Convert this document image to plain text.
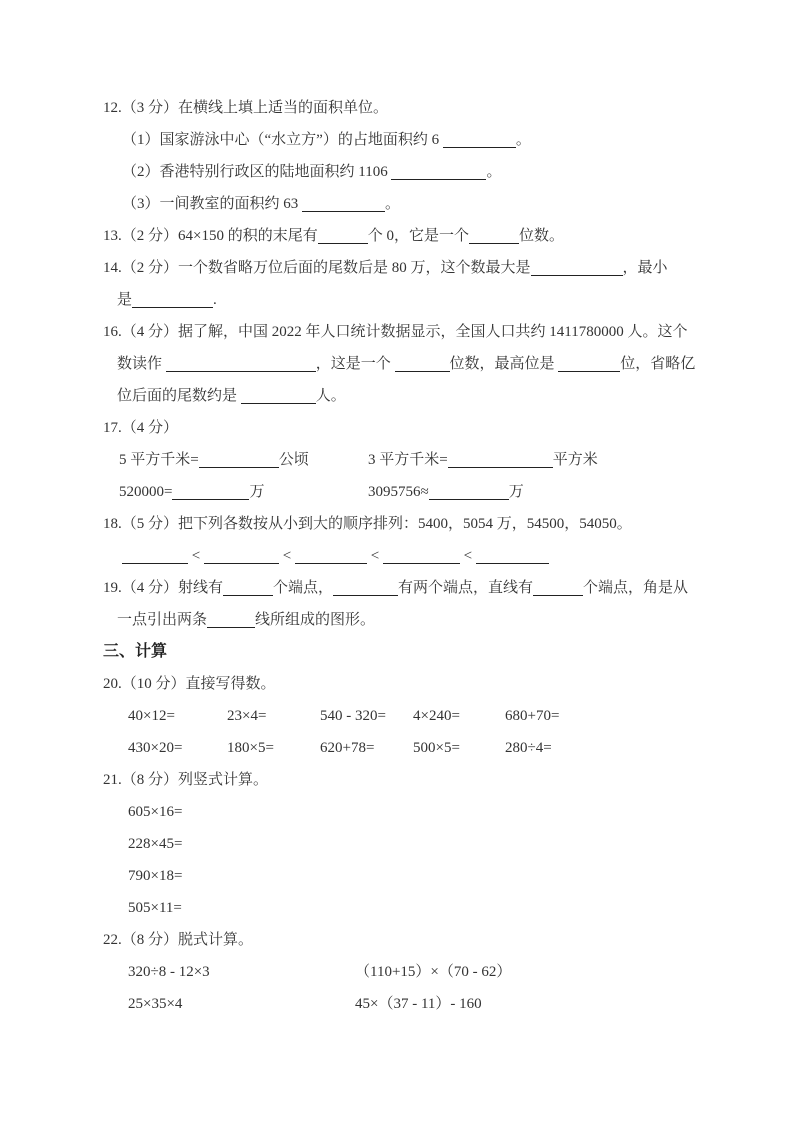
12.（3 分）在横线上填上适当的面积单位。
（1）国家游泳中心（“水立方”）的占地面积约 6	。
（2）香港特别行政区的陆地面积约 1106	。
（3）一间教室的面积约 63	。
13.（2 分）64×150 的积的末尾有	个 0，它是一个	位数。
14.（2 分）一个数省略万位后面的尾数后是 80 万，这个数最大是	，最小
是	.
16.（4 分）据了解，中国 2022 年人口统计数据显示，全国人口共约 1411780000 人。这个
数读作	，这是一个	位数，最高位是	位，省略亿
位后面的尾数约是	人。
17.（4 分）
5 平方千米=	公顷	3 平方千米=	平方米
520000=	万	3095756≈	万
18.（5 分）把下列各数按从小到大的顺序排列：5400，5054 万，54500，54050。
<	<	<	<
19.（4 分）射线有	个端点，	有两个端点，直线有	个端点，角是从
一点引出两条	线所组成的图形。
三、计算
20.（10 分）直接写得数。
40×12=	23×4=	540 - 320= 4×240=	680+70=
430×20=	180×5=	620+78=	500×5=	280÷4=
21.（8 分）列竖式计算。
605×16=
228×45=
790×18=
505×11=
22.（8 分）脱式计算。
320÷8 - 12×3	（110+15）×（70 - 62）
25×35×4	45×（37 - 11）- 160
